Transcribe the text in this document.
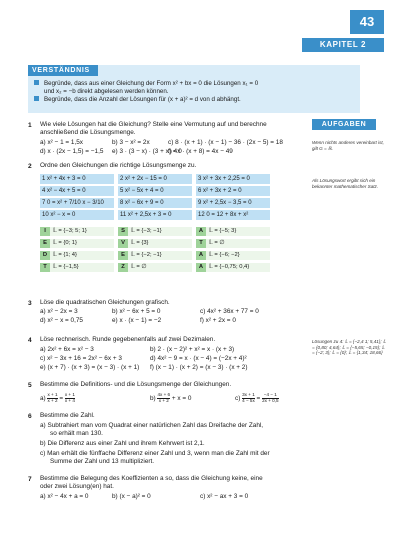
43
KAPITEL 2
VERSTÄNDNIS
Begründe, dass aus einer Gleichung der Form x² + bx = 0 die Lösungen x₁ = 0
und x₂ = −b direkt abgelesen werden können.
Begründe, dass die Anzahl der Lösungen für (x + a)² = d von d abhängt.
AUFGABEN
Wenn nichts anderes vereinbart ist, gilt G = ℝ.
Als Lösungswort ergibt sich ein bekannter mathematischer Satz.
Lösungen zu 4: 𝕃 = {−2,4 1; 5,41}; 𝕃 = {0,80; 4,64}; 𝕃 = {−5,65; −0,15}; 𝕃 = {−2; 3}; 𝕃 = {0}; 𝕃 = {1,34; 18,66}
1 Wie viele Lösungen hat die Gleichung? Stelle eine Vermutung auf und berechne
anschließend die Lösungsmenge.
a) x² − 1 = 1,5x	b) 3 − x² = 2x	c) 8 · (x + 1) · (x − 1) − 36 · (2x − 5) = 18
d) x · (2x − 1,5) = −1,5 e) 3 · (3 − x) · (3 + x) = 0
f) 4x · (x + 8) = 4x − 49
2 Ordne den Gleichungen die richtige Lösungsmenge zu.
1 x² + 4x + 3 = 0	2 x² + 2x − 15 = 0	3 x² + 3x + 2,25 = 0
4 x² − 4x + 5 = 0	5 x² − 5x + 4 = 0	6 x² + 3x + 2 = 0
7 0 = x² + 7/10 x − 3/10	8 x² − 6x + 9 = 0	9 x² + 2,5x − 3,5 = 0
10 x² − x = 0	11 x² + 2,5x + 3 = 0	12 0 = 12 + 8x + x²
I 𝕃 = {−3; 5; 1}	S 𝕃 = {−3; −1}	A 𝕃 = {−5; 3}
E 𝕃 = {0; 1}	V 𝕃 = {3}	T 𝕃 = ∅
D 𝕃 = {1; 4}	E 𝕃 = {−2; −1}	A 𝕃 = {−6; −2}
T 𝕃 = {−1,5}	Z 𝕃 = ∅	A 𝕃 = {−0,75; 0,4}
3 Löse die quadratischen Gleichungen grafisch.
a) x² − 2x = 3	b) x² − 6x + 5 = 0	c) 4x² + 36x + 77 = 0
d) x² − x = 0,75	e) x · (x − 1) = −2	f) x² + 2x = 0
4 Löse rechnerisch. Runde gegebenenfalls auf zwei Dezimalen.
a) 2x² + 6x = x² − 3	b) 2 · (x − 2)² + x² = x · (x + 3)
c) x² − 3x + 16 = 2x² − 6x + 3	d) 4x² − 9 = x · (x − 4) = (−2x + 4)²
e) (x + 7) · (x + 3) = (x − 3) · (x + 1) f) (x − 1) · (x + 2) = (x − 3) · (x + 2)
5 Bestimme die Definitions- und die Lösungsmenge der Gleichungen.
$a) \frac{x + 1}{x + 2} = \frac{x + 1}{x + 4}$	$b) \frac{4x + 6}{x + 2} + x = 0$	$c) \frac{3x + 1}{4 - 5x} = \frac{-4 - 1}{2x + 0,5}$
6 Bestimme die Zahl.
a) Subtrahiert man vom Quadrat einer natürlichen Zahl das Dreifache der Zahl,
so erhält man 130.
b) Die Differenz aus einer Zahl und ihrem Kehrwert ist 2,1.
c) Man erhält die fünffache Differenz einer Zahl und 3, wenn man die Zahl mit der
Summe der Zahl und 13 multipliziert.
7 Bestimme die Belegung des Koeffizienten a so, dass die Gleichung keine, eine
oder zwei Lösung(en) hat.
a) x² − 4x + a = 0	b) (x − a)² = 0	c) x² − ax + 3 = 0
